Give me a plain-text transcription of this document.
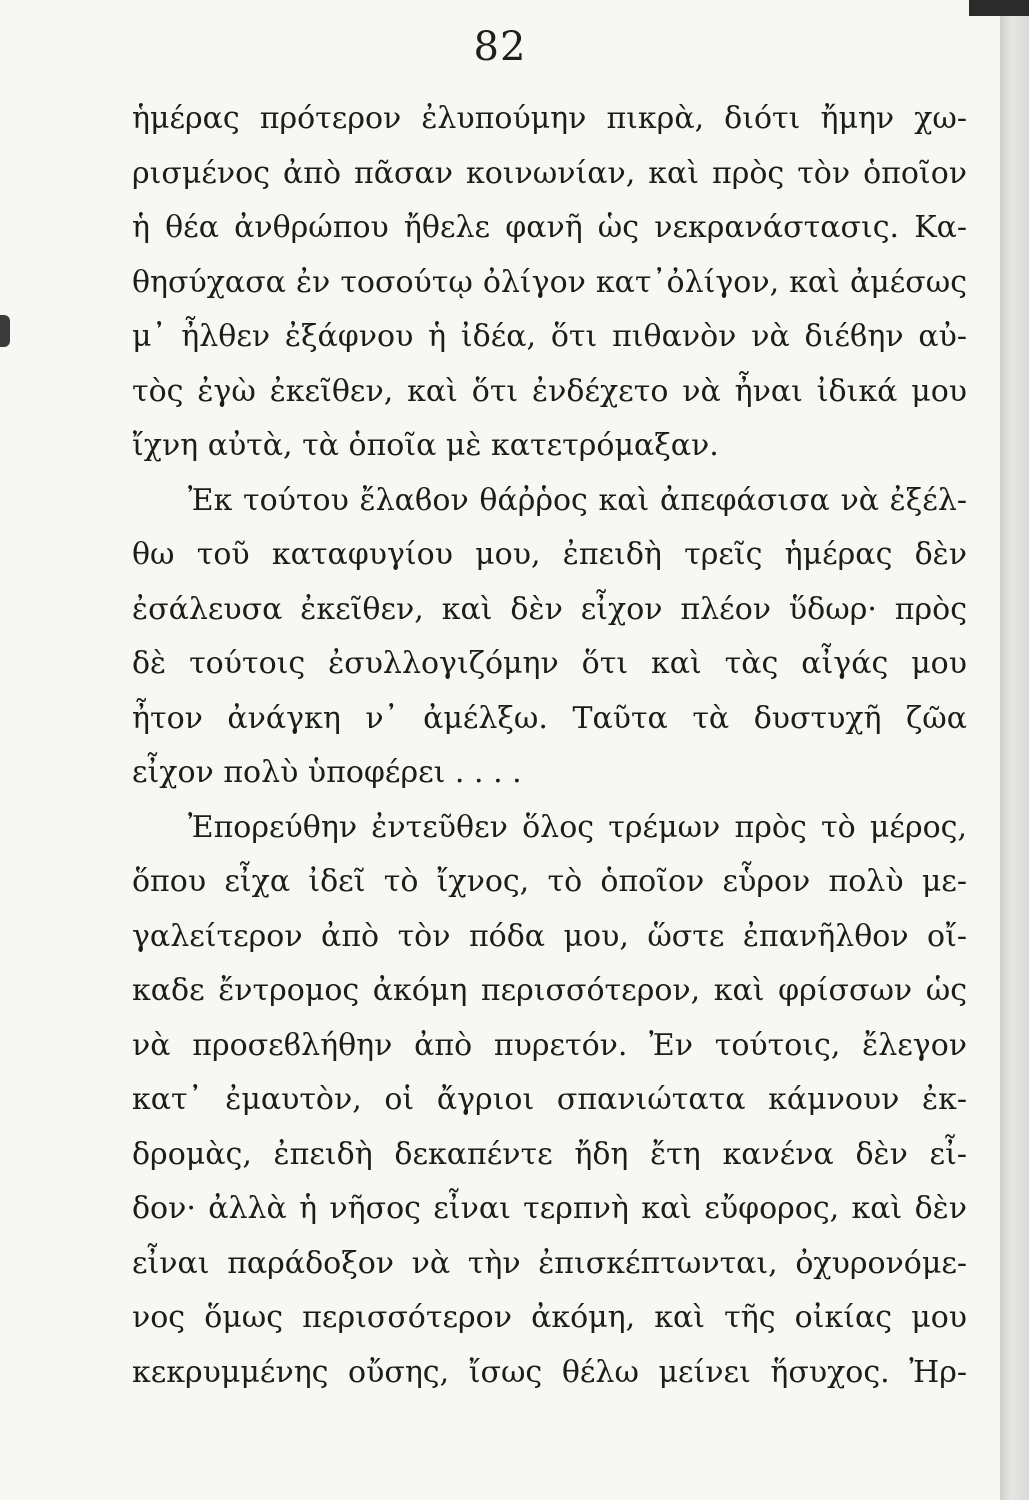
82
ἡμέρας πρότερον ἐλυπούμην πικρὰ, διότι ἤμην χω-
ρισμένος ἀπὸ πᾶσαν κοινωνίαν, καὶ πρὸς τὸν ὁποῖον
ἡ θέα ἀνθρώπου ἤθελε φανῆ ὡς νεκρανάστασις. Κα-
θησύχασα ἐν τοσούτῳ ὀλίγον κατ᾽ὀλίγον, καὶ ἀμέσως
μ᾽ ἦλθεν ἐξάφνου ἡ ἰδέα, ὅτι πιθανὸν νὰ διέϐην αὐ-
τὸς ἐγὼ ἐκεῖθεν, καὶ ὅτι ἐνδέχετο νὰ ἦναι ἰδικά μου
ἴχνη αὐτὰ, τὰ ὁποῖα μὲ κατετρόμαξαν.
Ἐκ τούτου ἔλαϐον θάῤῥος καὶ ἀπεφάσισα νὰ ἐξέλ-
θω τοῦ καταφυγίου μου, ἐπειδὴ τρεῖς ἡμέρας δὲν
ἐσάλευσα ἐκεῖθεν, καὶ δὲν εἶχον πλέον ὕδωρ· πρὸς
δὲ τούτοις ἐσυλλογιζόμην ὅτι καὶ τὰς αἶγάς μου
ἦτον ἀνάγκη ν᾽ ἀμέλξω. Ταῦτα τὰ δυστυχῆ ζῶα
εἶχον πολὺ ὑποφέρει . . . .
Ἐπορεύθην ἐντεῦθεν ὅλος τρέμων πρὸς τὸ μέρος,
ὅπου εἶχα ἰδεῖ τὸ ἴχνος, τὸ ὁποῖον εὗρον πολὺ με-
γαλείτερον ἀπὸ τὸν πόδα μου, ὥστε ἐπανῆλθον οἴ-
καδε ἔντρομος ἀκόμη περισσότερον, καὶ φρίσσων ὡς
νὰ προσεϐλήθην ἀπὸ πυρετόν. Ἐν τούτοις, ἔλεγον
κατ᾽ ἐμαυτὸν, οἱ ἄγριοι σπανιώτατα κάμνουν ἐκ-
δρομὰς, ἐπειδὴ δεκαπέντε ἤδη ἔτη κανένα δὲν εἶ-
δον· ἀλλὰ ἡ νῆσος εἶναι τερπνὴ καὶ εὔφορος, καὶ δὲν
εἶναι παράδοξον νὰ τὴν ἐπισκέπτωνται, ὀχυρονόμε-
νος ὅμως περισσότερον ἀκόμη, καὶ τῆς οἰκίας μου
κεκρυμμένης οὔσης, ἴσως θέλω μείνει ἥσυχος. Ἠρ-
